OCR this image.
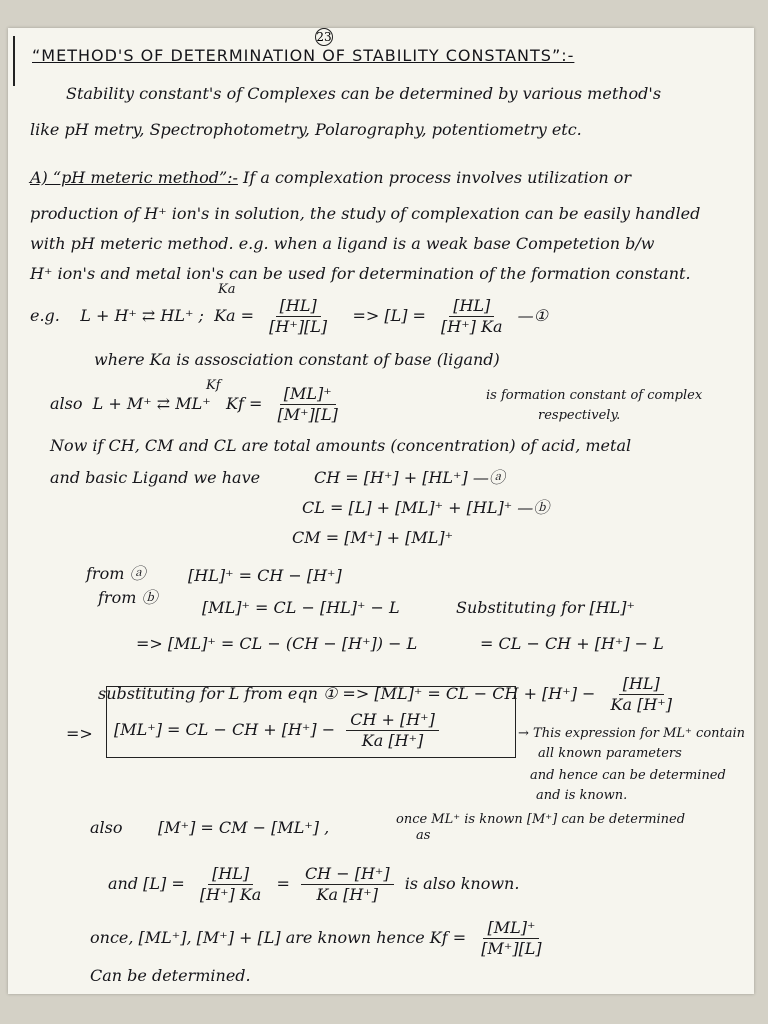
23
“METHOD'S OF DETERMINATION OF STABILITY CONSTANTS”:-
Stability constant's of Complexes can be determined by various method's
like pH metry, Spectrophotometry, Polarography, potentiometry etc.
A) “pH meteric method”:- If a complexation process involves utilization or
production of H⁺ ion's in solution, the study of complexation can be easily handled
with pH meteric method. e.g. when a ligand is a weak base Competetion b/w
H⁺ ion's and metal ion's can be used for determination of the formation constant.
e.g. L + H⁺ ⇄ HL⁺ ; $Ka = \frac{[HL]}{[H^+][L]} => [L] = \frac{[HL]}{[H^+] Ka}$ —①
Ka
where Ka is assosciation constant of base (ligand)
also L + M⁺ ⇄ ML⁺ $Kf = \frac{[ML]^+}{[M^+][L]}$
Kf
is formation constant of complex
respectively.
Now if CH, CM and CL are total amounts (concentration) of acid, metal
and basic Ligand we have	CH = [H⁺] + [HL⁺] —ⓐ
CL = [L] + [ML]⁺ + [HL]⁺ —ⓑ
CM = [M⁺] + [ML]⁺
from ⓐ	[HL]⁺ = CH − [H⁺]
from ⓑ
[ML]⁺ = CL − [HL]⁺ − L	Substituting for [HL]⁺
=> [ML]⁺ = CL − (CH − [H⁺]) − L	= CL − CH + [H⁺] − L
substituting for L from eqn ① => [ML]⁺ = CL − CH + $[H^+] - \frac{[HL]}{Ka [H^+]}$
=> [ML⁺] = CL − CH + $[H^+] - \frac{CH + [H^+]}{Ka [H^+]}$	→ This expression for ML⁺ contain
all known parameters
and hence can be determined
and is known.
also [M⁺] = CM − [ML⁺] ,	once ML⁺ is known [M⁺] can be determined
as
and $[L] = \frac{[HL]}{[H^+] Ka} = \frac{CH - [H^+]}{Ka [H^+]}$ is also known.
once, [ML⁺], [M⁺] + [L] are known hence $Kf = \frac{[ML]^+}{[M^+][L]}$
Can be determined.
